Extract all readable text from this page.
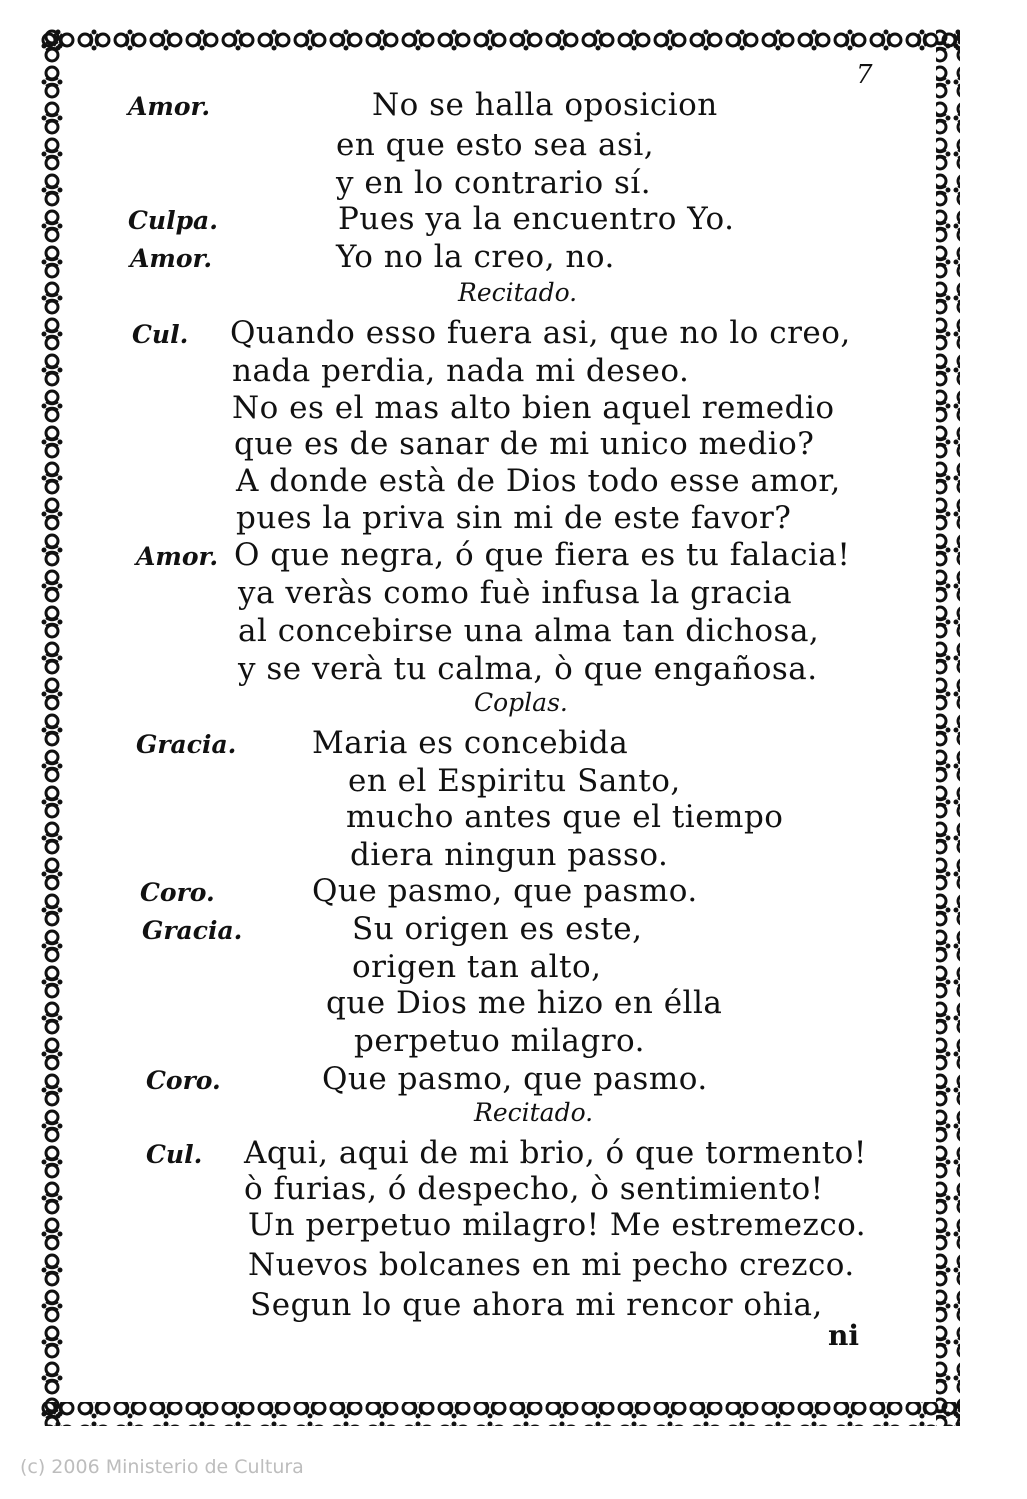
7
Amor.	No se halla oposicion
en que esto sea asi,
y en lo contrario sí.
Culpa.	Pues ya la encuentro Yo.
Amor.	Yo no la creo, no.
Recitado.
Cul. Quando esso fuera asi, que no lo creo,
nada perdia, nada mi deseo.
No es el mas alto bien aquel remedio
que es de sanar de mi unico medio?
A donde està de Dios todo esse amor,
pues la priva sin mi de este favor?
Amor. O que negra, ó que fiera es tu falacia!
ya veràs como fuè infusa la gracia
al concebirse una alma tan dichosa,
y se verà tu calma, ò que engañosa.
Coplas.
Gracia. Maria es concebida
en el Espiritu Santo,
mucho antes que el tiempo
diera ningun passo.
Coro.	Que pasmo, que pasmo.
Gracia.	Su origen es este,
origen tan alto,
que Dios me hizo en élla
perpetuo milagro.
Coro.	Que pasmo, que pasmo.
Recitado.
Cul. Aqui, aqui de mi brio, ó que tormento!
ò furias, ó despecho, ò sentimiento!
Un perpetuo milagro! Me estremezco.
Nuevos bolcanes en mi pecho crezco.
Segun lo que ahora mi rencor ohia,
ni
(c) 2006 Ministerio de Cultura
